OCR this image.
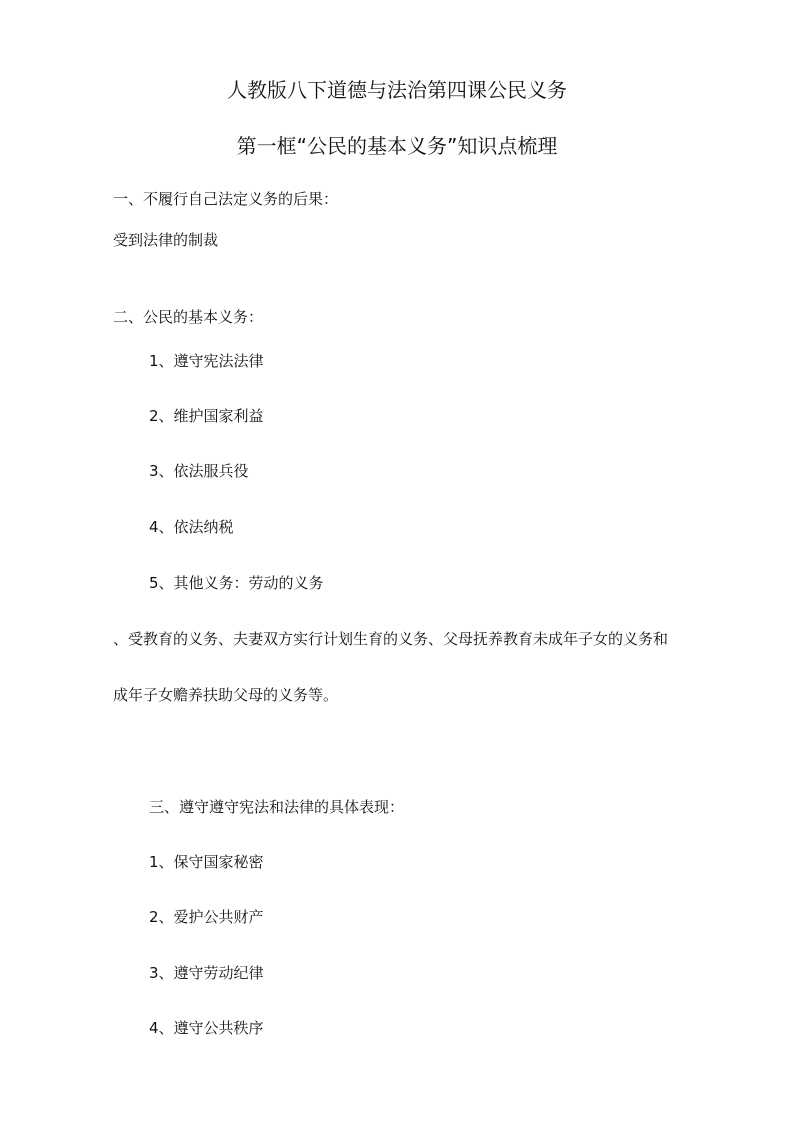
人教版八下道德与法治第四课公民义务
第一框“公民的基本义务”知识点梳理
一、不履行自己法定义务的后果：
受到法律的制裁
二、公民的基本义务：
1、遵守宪法法律
2、维护国家利益
3、依法服兵役
4、依法纳税
5、其他义务：劳动的义务
、受教育的义务、夫妻双方实行计划生育的义务、父母抚养教育未成年子女的义务和
成年子女赡养扶助父母的义务等。
三、遵守遵守宪法和法律的具体表现：
1、保守国家秘密
2、爱护公共财产
3、遵守劳动纪律
4、遵守公共秩序
